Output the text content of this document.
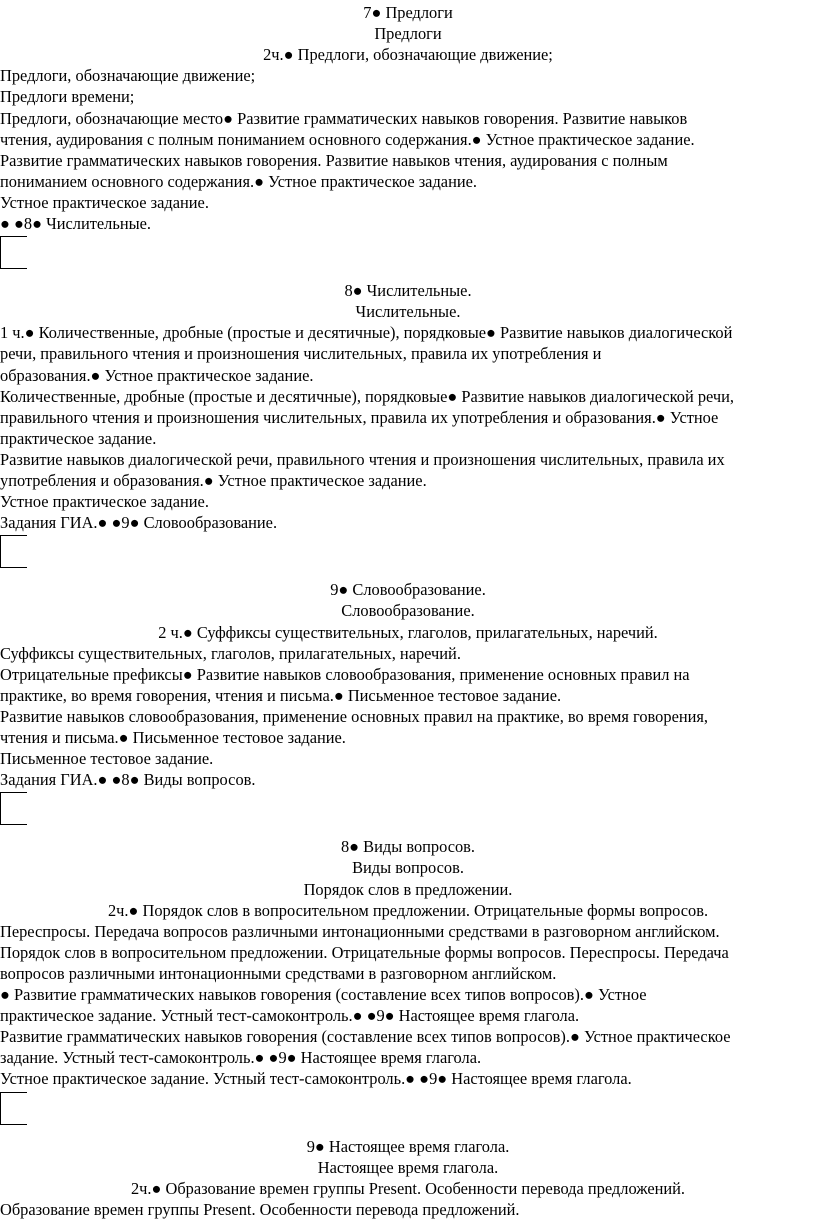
7● Предлоги
Предлоги
2ч.● Предлоги, обозначающие движение;
Предлоги, обозначающие движение;
Предлоги времени;
Предлоги, обозначающие место● Развитие грамматических навыков говорения. Развитие навыков
чтения, аудирования с полным пониманием основного содержания.● Устное практическое задание.
Развитие грамматических навыков говорения. Развитие навыков чтения, аудирования с полным
пониманием основного содержания.● Устное практическое задание.
Устное практическое задание.
● ●8● Числительные.
8● Числительные.
Числительные.
1 ч.● Количественные, дробные (простые и десятичные), порядковые● Развитие навыков диалогической
речи, правильного чтения и произношения числительных, правила их употребления и
образования.● Устное практическое задание.
Количественные, дробные (простые и десятичные), порядковые● Развитие навыков диалогической речи,
правильного чтения и произношения числительных, правила их употребления и образования.● Устное
практическое задание.
Развитие навыков диалогической речи, правильного чтения и произношения числительных, правила их
употребления и образования.● Устное практическое задание.
Устное практическое задание.
Задания ГИА.● ●9● Словообразование.
9● Словообразование.
Словообразование.
2 ч.● Суффиксы существительных, глаголов, прилагательных, наречий.
Суффиксы существительных, глаголов, прилагательных, наречий.
Отрицательные префиксы● Развитие навыков словообразования, применение основных правил на
практике, во время говорения, чтения и письма.● Письменное тестовое задание.
Развитие навыков словообразования, применение основных правил на практике, во время говорения,
чтения и письма.● Письменное тестовое задание.
Письменное тестовое задание.
Задания ГИА.● ●8● Виды вопросов.
8● Виды вопросов.
Виды вопросов.
Порядок слов в предложении.
2ч.● Порядок слов в вопросительном предложении. Отрицательные формы вопросов.
Переспросы. Передача вопросов различными интонационными средствами в разговорном английском.
Порядок слов в вопросительном предложении. Отрицательные формы вопросов. Переспросы. Передача
вопросов различными интонационными средствами в разговорном английском.
● Развитие грамматических навыков говорения (составление всех типов вопросов).● Устное
практическое задание. Устный тест-самоконтроль.● ●9● Настоящее время глагола.
Развитие грамматических навыков говорения (составление всех типов вопросов).● Устное практическое
задание. Устный тест-самоконтроль.● ●9● Настоящее время глагола.
Устное практическое задание. Устный тест-самоконтроль.● ●9● Настоящее время глагола.
9● Настоящее время глагола.
Настоящее время глагола.
2ч.● Образование времен группы Present. Особенности перевода предложений.
Образование времен группы Present. Особенности перевода предложений.
